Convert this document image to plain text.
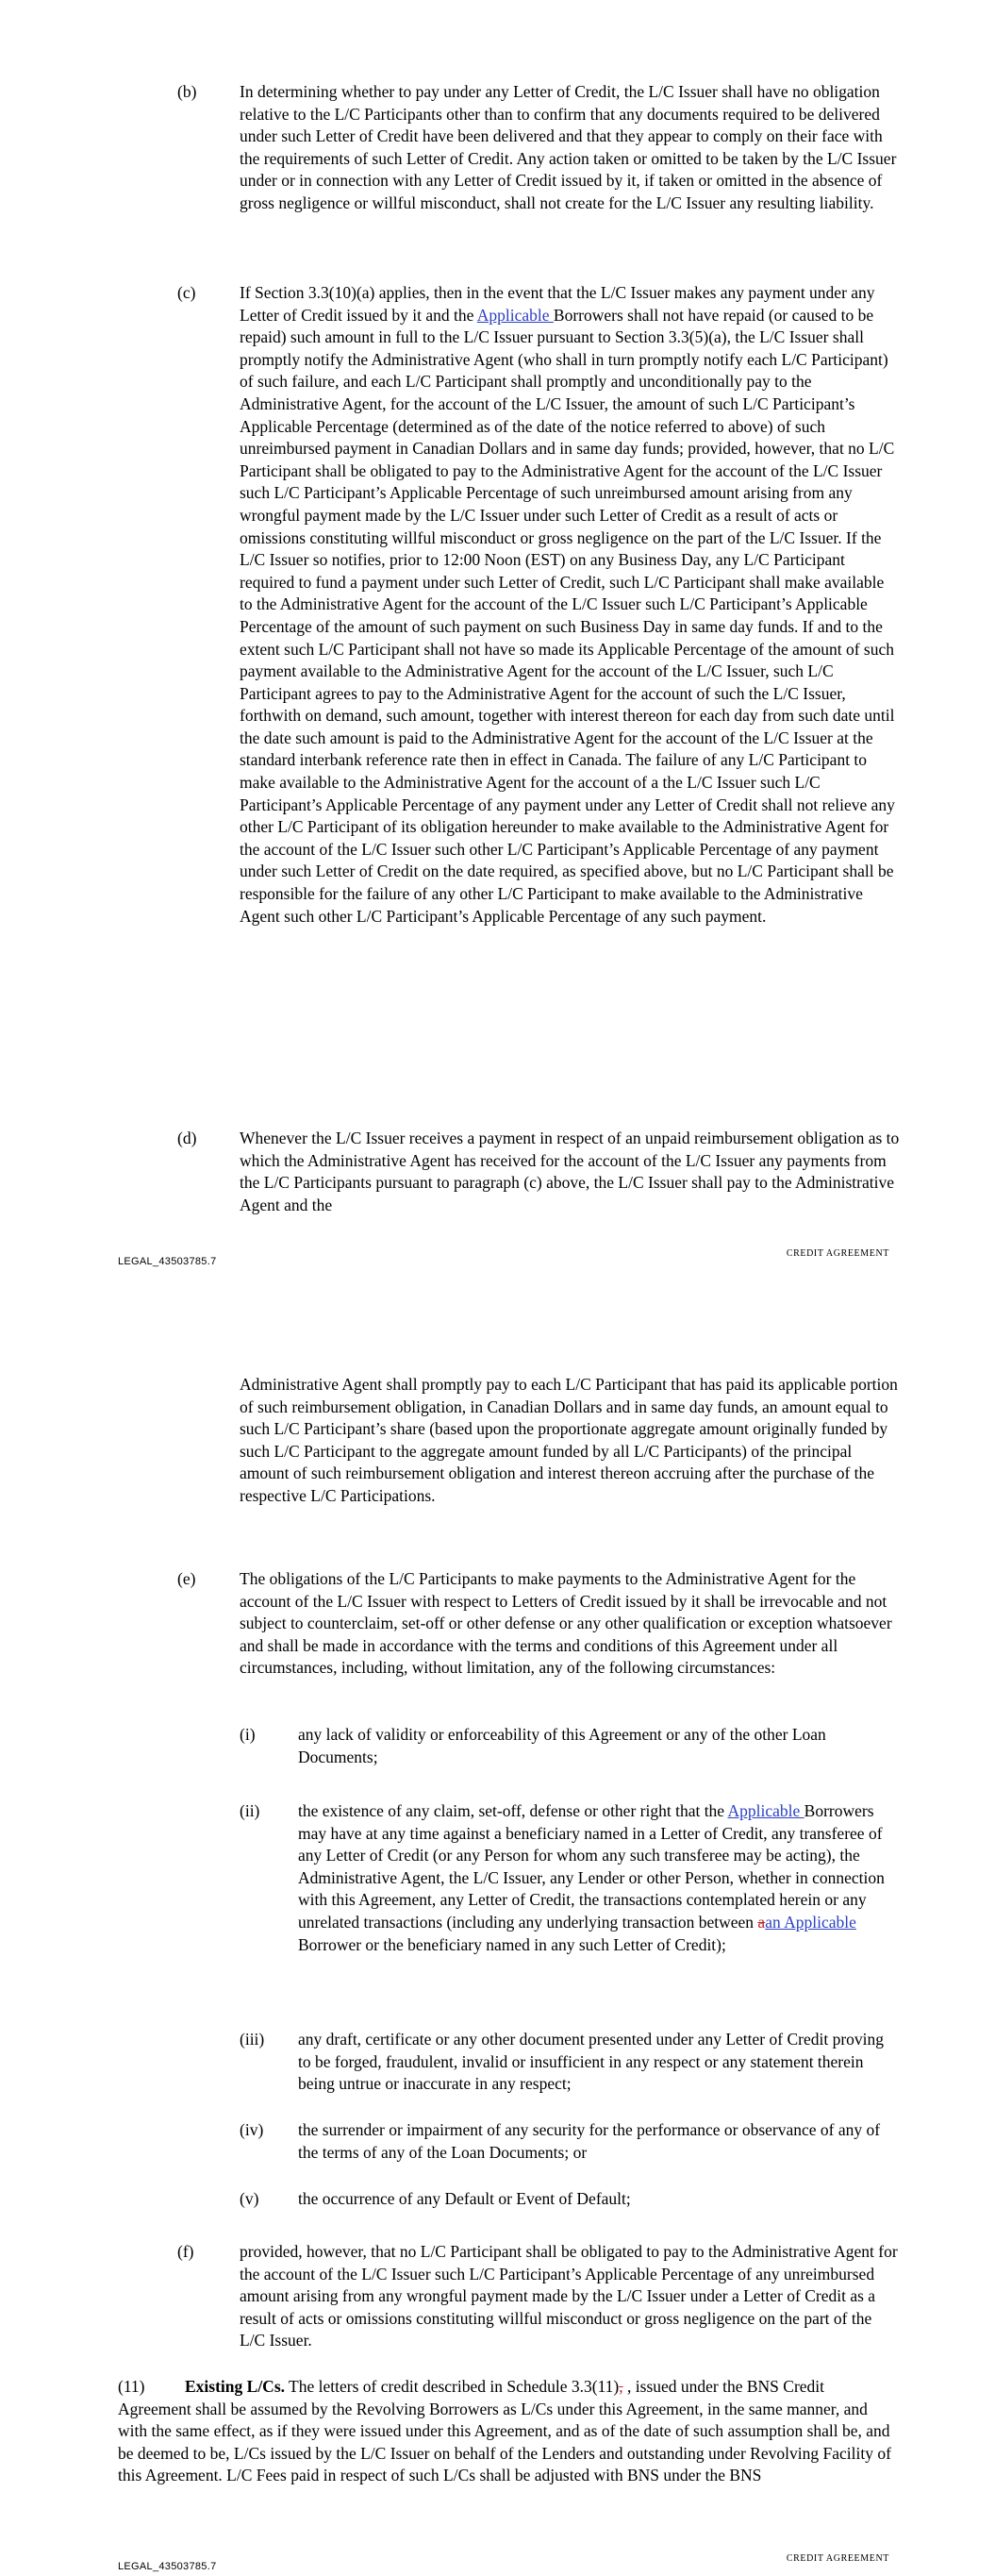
(b)	In determining whether to pay under any Letter of Credit, the L/C Issuer shall have no obligation relative to the L/C Participants other than to confirm that any documents required to be delivered under such Letter of Credit have been delivered and that they appear to comply on their face with the requirements of such Letter of Credit. Any action taken or omitted to be taken by the L/C Issuer under or in connection with any Letter of Credit issued by it, if taken or omitted in the absence of gross negligence or willful misconduct, shall not create for the L/C Issuer any resulting liability.
(c)	If Section 3.3(10)(a) applies, then in the event that the L/C Issuer makes any payment under any Letter of Credit issued by it and the Applicable Borrowers shall not have repaid (or caused to be repaid) such amount in full to the L/C Issuer pursuant to Section 3.3(5)(a), the L/C Issuer shall promptly notify the Administrative Agent (who shall in turn promptly notify each L/C Participant) of such failure, and each L/C Participant shall promptly and unconditionally pay to the Administrative Agent, for the account of the L/C Issuer, the amount of such L/C Participant’s Applicable Percentage (determined as of the date of the notice referred to above) of such unreimbursed payment in Canadian Dollars and in same day funds; provided, however, that no L/C Participant shall be obligated to pay to the Administrative Agent for the account of the L/C Issuer such L/C Participant’s Applicable Percentage of such unreimbursed amount arising from any wrongful payment made by the L/C Issuer under such Letter of Credit as a result of acts or omissions constituting willful misconduct or gross negligence on the part of the L/C Issuer. If the L/C Issuer so notifies, prior to 12:00 Noon (EST) on any Business Day, any L/C Participant required to fund a payment under such Letter of Credit, such L/C Participant shall make available to the Administrative Agent for the account of the L/C Issuer such L/C Participant’s Applicable Percentage of the amount of such payment on such Business Day in same day funds. If and to the extent such L/C Participant shall not have so made its Applicable Percentage of the amount of such payment available to the Administrative Agent for the account of the L/C Issuer, such L/C Participant agrees to pay to the Administrative Agent for the account of such the L/C Issuer, forthwith on demand, such amount, together with interest thereon for each day from such date until the date such amount is paid to the Administrative Agent for the account of the L/C Issuer at the standard interbank reference rate then in effect in Canada. The failure of any L/C Participant to make available to the Administrative Agent for the account of a the L/C Issuer such L/C Participant’s Applicable Percentage of any payment under any Letter of Credit shall not relieve any other L/C Participant of its obligation hereunder to make available to the Administrative Agent for the account of the L/C Issuer such other L/C Participant’s Applicable Percentage of any payment under such Letter of Credit on the date required, as specified above, but no L/C Participant shall be responsible for the failure of any other L/C Participant to make available to the Administrative Agent such other L/C Participant’s Applicable Percentage of any such payment.
(d)	Whenever the L/C Issuer receives a payment in respect of an unpaid reimbursement obligation as to which the Administrative Agent has received for the account of the L/C Issuer any payments from the L/C Participants pursuant to paragraph (c) above, the L/C Issuer shall pay to the Administrative Agent and the
CREDIT AGREEMENT
LEGAL_43503785.7
Administrative Agent shall promptly pay to each L/C Participant that has paid its applicable portion of such reimbursement obligation, in Canadian Dollars and in same day funds, an amount equal to such L/C Participant’s share (based upon the proportionate aggregate amount originally funded by such L/C Participant to the aggregate amount funded by all L/C Participants) of the principal amount of such reimbursement obligation and interest thereon accruing after the purchase of the respective L/C Participations.
(e)	The obligations of the L/C Participants to make payments to the Administrative Agent for the account of the L/C Issuer with respect to Letters of Credit issued by it shall be irrevocable and not subject to counterclaim, set-off or other defense or any other qualification or exception whatsoever and shall be made in accordance with the terms and conditions of this Agreement under all circumstances, including, without limitation, any of the following circumstances:
(i)	any lack of validity or enforceability of this Agreement or any of the other Loan Documents;
(ii) the existence of any claim, set-off, defense or other right that the Applicable Borrowers may have at any time against a beneficiary named in a Letter of Credit, any transferee of any Letter of Credit (or any Person for whom any such transferee may be acting), the Administrative Agent, the L/C Issuer, any Lender or other Person, whether in connection with this Agreement, any Letter of Credit, the transactions contemplated herein or any unrelated transactions (including any underlying transaction between aan Applicable Borrower or the beneficiary named in any such Letter of Credit);
(iii) any draft, certificate or any other document presented under any Letter of Credit proving to be forged, fraudulent, invalid or insufficient in any respect or any statement therein being untrue or inaccurate in any respect;
(iv) the surrender or impairment of any security for the performance or observance of any of the terms of any of the Loan Documents; or
(v) the occurrence of any Default or Event of Default;
(f)	provided, however, that no L/C Participant shall be obligated to pay to the Administrative Agent for the account of the L/C Issuer such L/C Participant’s Applicable Percentage of any unreimbursed amount arising from any wrongful payment made by the L/C Issuer under a Letter of Credit as a result of acts or omissions constituting willful misconduct or gross negligence on the part of the L/C Issuer.
(11)	Existing L/Cs. The letters of credit described in Schedule 3.3(11), , issued under the BNS Credit Agreement shall be assumed by the Revolving Borrowers as L/Cs under this Agreement, in the same manner, and with the same effect, as if they were issued under this Agreement, and as of the date of such assumption shall be, and be deemed to be, L/Cs issued by the L/C Issuer on behalf of the Lenders and outstanding under Revolving Facility of this Agreement. L/C Fees paid in respect of such L/Cs shall be adjusted with BNS under the BNS
CREDIT AGREEMENT
LEGAL_43503785.7
